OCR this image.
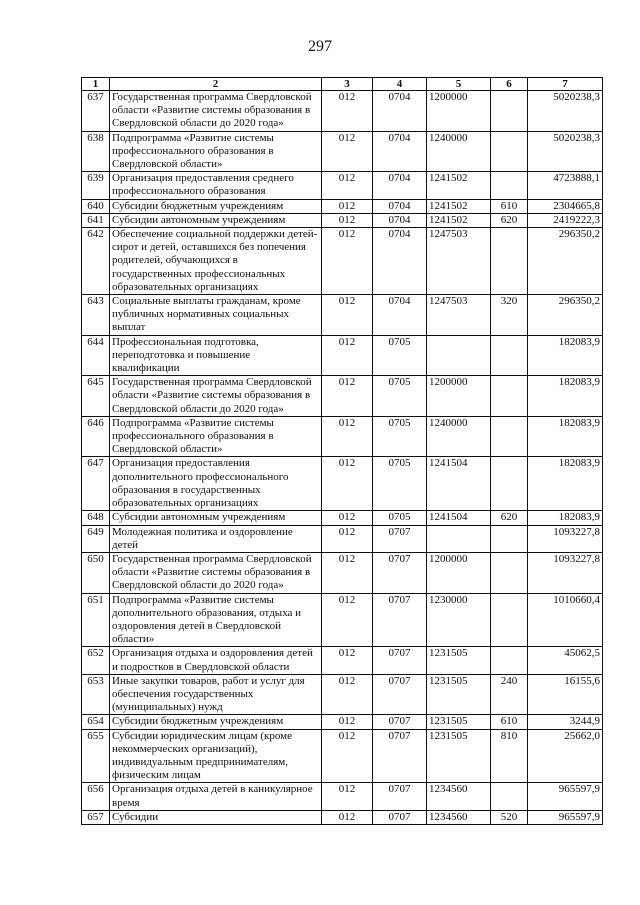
297
1	2	3	4	5	6	7
637	Государственная программа Свердловской области «Развитие системы образования в Свердловской области до 2020 года»	012	0704	1200000		5020238,3
638	Подпрограмма «Развитие системы профессионального образования в Свердловской области»	012	0704	1240000		5020238,3
639	Организация предоставления среднего профессионального образования	012	0704	1241502		4723888,1
640	Субсидии бюджетным учреждениям	012	0704	1241502	610	2304665,8
641	Субсидии автономным учреждениям	012	0704	1241502	620	2419222,3
642	Обеспечение социальной поддержки детей-сирот и детей, оставшихся без попечения родителей, обучающихся в государственных профессиональных образовательных организациях	012	0704	1247503		296350,2
643	Социальные выплаты гражданам, кроме публичных нормативных социальных выплат	012	0704	1247503	320	296350,2
644	Профессиональная подготовка, переподготовка и повышение квалификации	012	0705			182083,9
645	Государственная программа Свердловской области «Развитие системы образования в Свердловской области до 2020 года»	012	0705	1200000		182083,9
646	Подпрограмма «Развитие системы профессионального образования в Свердловской области»	012	0705	1240000		182083,9
647	Организация предоставления дополнительного профессионального образования в государственных образовательных организациях	012	0705	1241504		182083,9
648	Субсидии автономным учреждениям	012	0705	1241504	620	182083,9
649	Молодежная политика и оздоровление детей	012	0707			1093227,8
650	Государственная программа Свердловской области «Развитие системы образования в Свердловской области до 2020 года»	012	0707	1200000		1093227,8
651	Подпрограмма «Развитие системы дополнительного образования, отдыха и оздоровления детей в Свердловской области»	012	0707	1230000		1010660,4
652	Организация отдыха и оздоровления детей и подростков в Свердловской области	012	0707	1231505		45062,5
653	Иные закупки товаров, работ и услуг для обеспечения государственных (муниципальных) нужд	012	0707	1231505	240	16155,6
654	Субсидии бюджетным учреждениям	012	0707	1231505	610	3244,9
655	Субсидии юридическим лицам (кроме некоммерческих организаций), индивидуальным предпринимателям, физическим лицам	012	0707	1231505	810	25662,0
656	Организация отдыха детей в каникулярное время	012	0707	1234560		965597,9
657	Субсидии	012	0707	1234560	520	965597,9
